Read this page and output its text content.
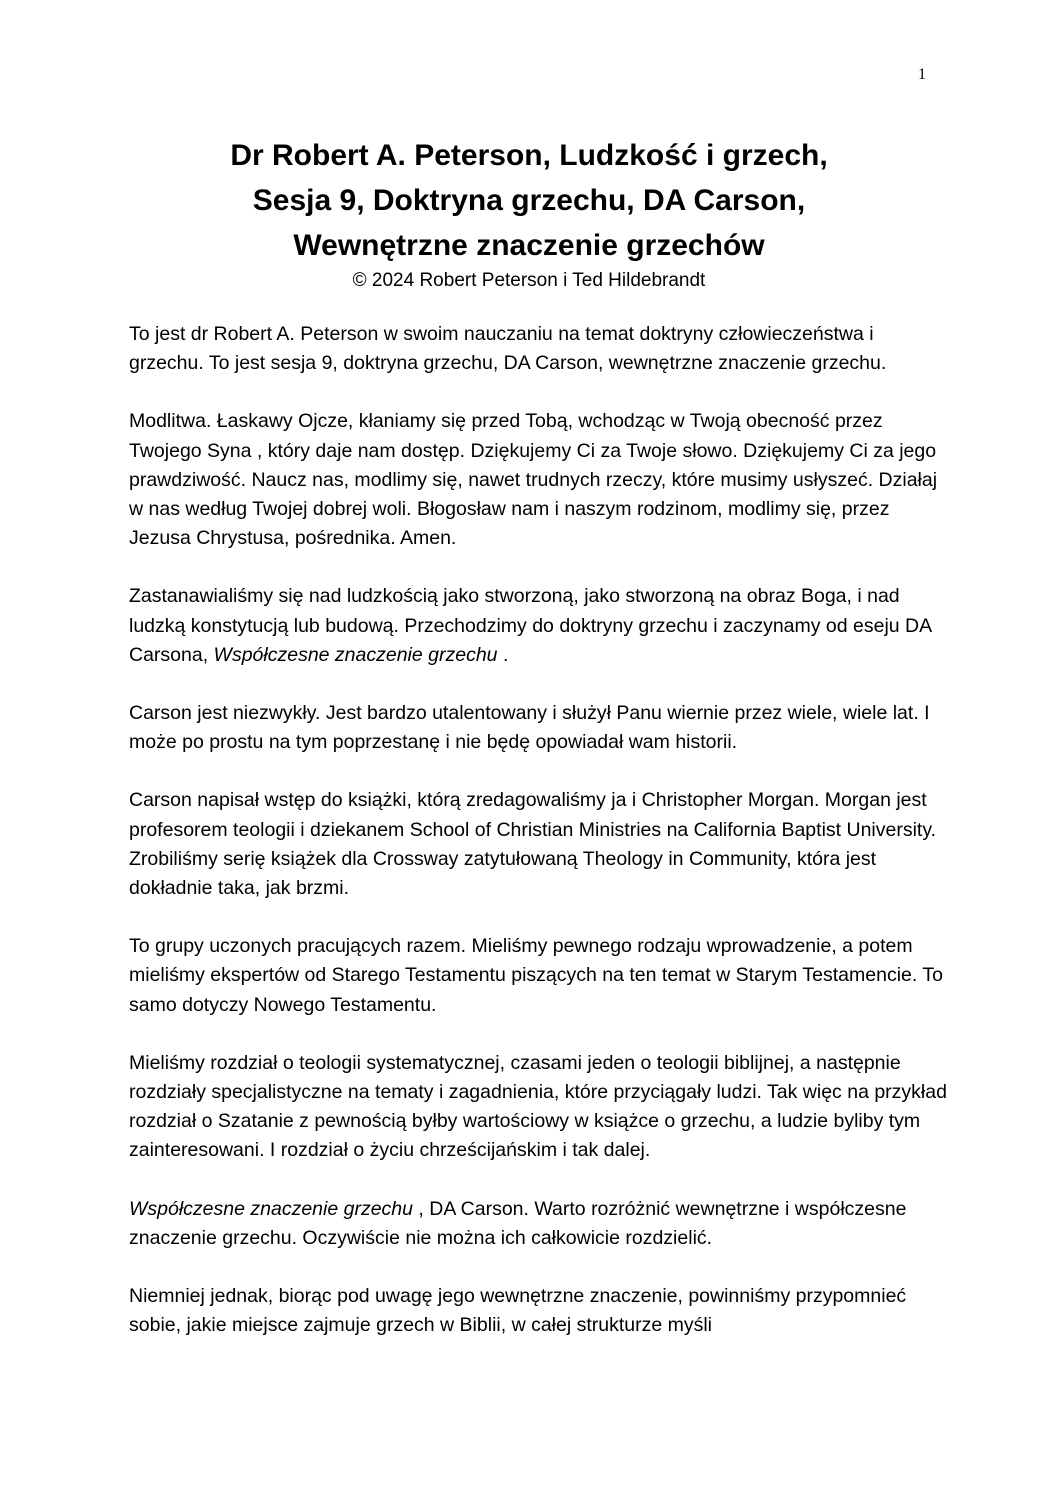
1
Dr Robert A. Peterson, Ludzkość i grzech,
Sesja 9, Doktryna grzechu, DA Carson,
Wewnętrzne znaczenie grzechów
© 2024 Robert Peterson i Ted Hildebrandt

To jest dr Robert A. Peterson w swoim nauczaniu na temat doktryny człowieczeństwa i grzechu. To jest sesja 9, doktryna grzechu, DA Carson, wewnętrzne znaczenie grzechu.

Modlitwa. Łaskawy Ojcze, kłaniamy się przed Tobą, wchodząc w Twoją obecność przez Twojego Syna , który daje nam dostęp. Dziękujemy Ci za Twoje słowo. Dziękujemy Ci za jego prawdziwość. Naucz nas, modlimy się, nawet trudnych rzeczy, które musimy usłyszeć. Działaj w nas według Twojej dobrej woli. Błogosław nam i naszym rodzinom, modlimy się, przez Jezusa Chrystusa, pośrednika. Amen.

Zastanawialiśmy się nad ludzkością jako stworzoną, jako stworzoną na obraz Boga, i nad ludzką konstytucją lub budową. Przechodzimy do doktryny grzechu i zaczynamy od eseju DA Carsona, Współczesne znaczenie grzechu .

Carson jest niezwykły. Jest bardzo utalentowany i służył Panu wiernie przez wiele, wiele lat. I może po prostu na tym poprzestanę i nie będę opowiadał wam historii.

Carson napisał wstęp do książki, którą zredagowaliśmy ja i Christopher Morgan. Morgan jest profesorem teologii i dziekanem School of Christian Ministries na California Baptist University. Zrobiliśmy serię książek dla Crossway zatytułowaną Theology in Community, która jest dokładnie taka, jak brzmi.

To grupy uczonych pracujących razem. Mieliśmy pewnego rodzaju wprowadzenie, a potem mieliśmy ekspertów od Starego Testamentu piszących na ten temat w Starym Testamencie. To samo dotyczy Nowego Testamentu.

Mieliśmy rozdział o teologii systematycznej, czasami jeden o teologii biblijnej, a następnie rozdziały specjalistyczne na tematy i zagadnienia, które przyciągały ludzi. Tak więc na przykład rozdział o Szatanie z pewnością byłby wartościowy w książce o grzechu, a ludzie byliby tym zainteresowani. I rozdział o życiu chrześcijańskim i tak dalej.

Współczesne znaczenie grzechu , DA Carson. Warto rozróżnić wewnętrzne i współczesne znaczenie grzechu. Oczywiście nie można ich całkowicie rozdzielić.

Niemniej jednak, biorąc pod uwagę jego wewnętrzne znaczenie, powinniśmy przypomnieć sobie, jakie miejsce zajmuje grzech w Biblii, w całej strukturze myśli
